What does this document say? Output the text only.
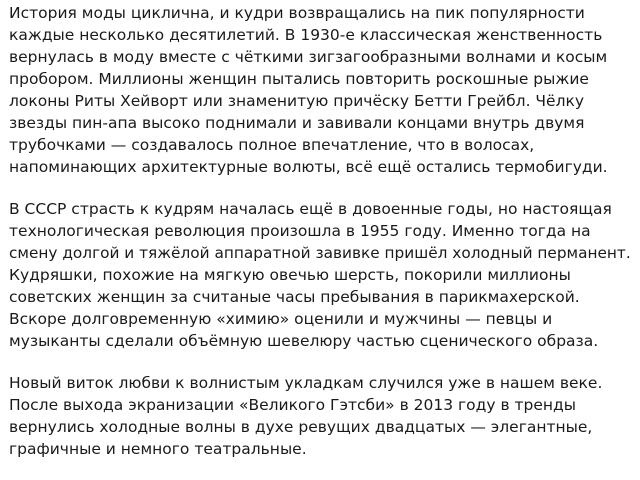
История моды циклична, и кудри возвращались на пик популярности
каждые несколько десятилетий. В 1930-е классическая женственность
вернулась в моду вместе с чёткими зигзагообразными волнами и косым
пробором. Миллионы женщин пытались повторить роскошные рыжие
локоны Риты Хейворт или знаменитую причёску Бетти Грейбл. Чёлку
звезды пин-апа высоко поднимали и завивали концами внутрь двумя
трубочками — создавалось полное впечатление, что в волосах,
напоминающих архитектурные волюты, всё ещё остались термобигуди.

В СССР страсть к кудрям началась ещё в довоенные годы, но настоящая
технологическая революция произошла в 1955 году. Именно тогда на
смену долгой и тяжёлой аппаратной завивке пришёл холодный перманент.
Кудряшки, похожие на мягкую овечью шерсть, покорили миллионы
советских женщин за считаные часы пребывания в парикмахерской.
Вскоре долговременную «химию» оценили и мужчины — певцы и
музыканты сделали объёмную шевелюру частью сценического образа.

Новый виток любви к волнистым укладкам случился уже в нашем веке.
После выхода экранизации «Великого Гэтсби» в 2013 году в тренды
вернулись холодные волны в духе ревущих двадцатых — элегантные,
графичные и немного театральные.
